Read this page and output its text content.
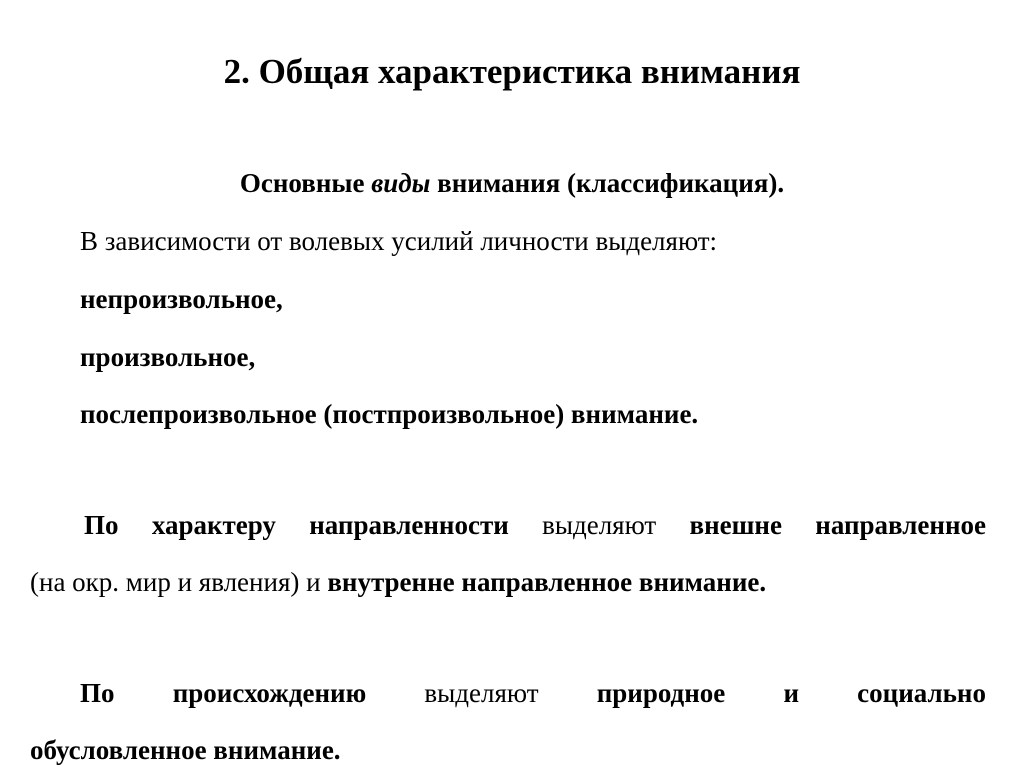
2. Общая характеристика внимания
Основные виды внимания (классификация).
В зависимости от волевых усилий личности выделяют:
непроизвольное,
произвольное,
послепроизвольное (постпроизвольное) внимание.
По характеру направленности выделяют внешне направленное
(на окр. мир и явления) и внутренне направленное внимание.
По происхождению выделяют природное и социально
обусловленное внимание.
